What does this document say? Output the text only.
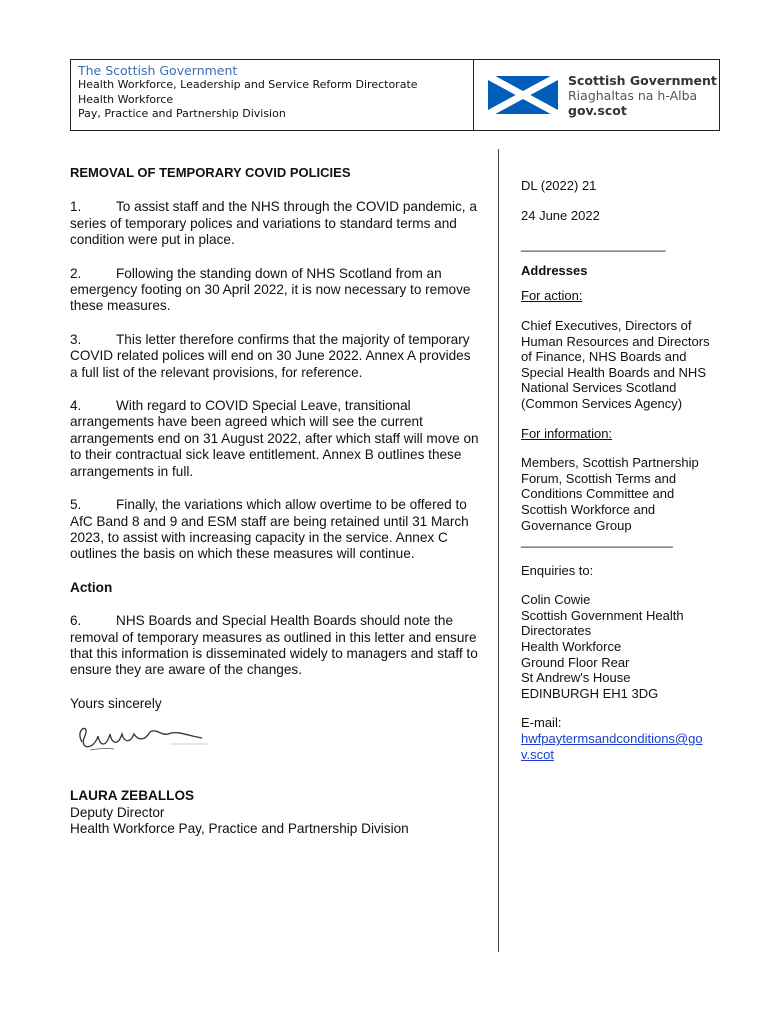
The Scottish Government
Health Workforce, Leadership and Service Reform Directorate
Health Workforce
Pay, Practice and Partnership Division
Scottish Government
Riaghaltas na h-Alba
gov.scot

REMOVAL OF TEMPORARY COVID POLICIES

1.	To assist staff and the NHS through the COVID pandemic, a series of temporary polices and variations to standard terms and condition were put in place.

2.	Following the standing down of NHS Scotland from an emergency footing on 30 April 2022, it is now necessary to remove these measures.

3.	This letter therefore confirms that the majority of temporary COVID related polices will end on 30 June 2022. Annex A provides a full list of the relevant provisions, for reference.

4.	With regard to COVID Special Leave, transitional arrangements have been agreed which will see the current arrangements end on 31 August 2022, after which staff will move on to their contractual sick leave entitlement. Annex B outlines these arrangements in full.

5.	Finally, the variations which allow overtime to be offered to AfC Band 8 and 9 and ESM staff are being retained until 31 March 2023, to assist with increasing capacity in the service. Annex C outlines the basis on which these measures will continue.

Action

6.	NHS Boards and Special Health Boards should note the removal of temporary measures as outlined in this letter and ensure that this information is disseminated widely to managers and staff to ensure they are aware of the changes.

Yours sincerely

LAURA ZEBALLOS

Deputy Director

Health Workforce Pay, Practice and Partnership Division

DL (2022) 21

24 June 2022

____________________

Addresses

For action:

Chief Executives, Directors of Human Resources and Directors of Finance, NHS Boards and Special Health Boards and NHS National Services Scotland (Common Services Agency)

For information:

Members, Scottish Partnership Forum, Scottish Terms and Conditions Committee and Scottish Workforce and Governance Group

_____________________

Enquiries to:

Colin Cowie

Scottish Government Health Directorates

Health Workforce

Ground Floor Rear

St Andrew's House

EDINBURGH EH1 3DG

E-mail:

hwfpaytermsandconditions@gov.scot
